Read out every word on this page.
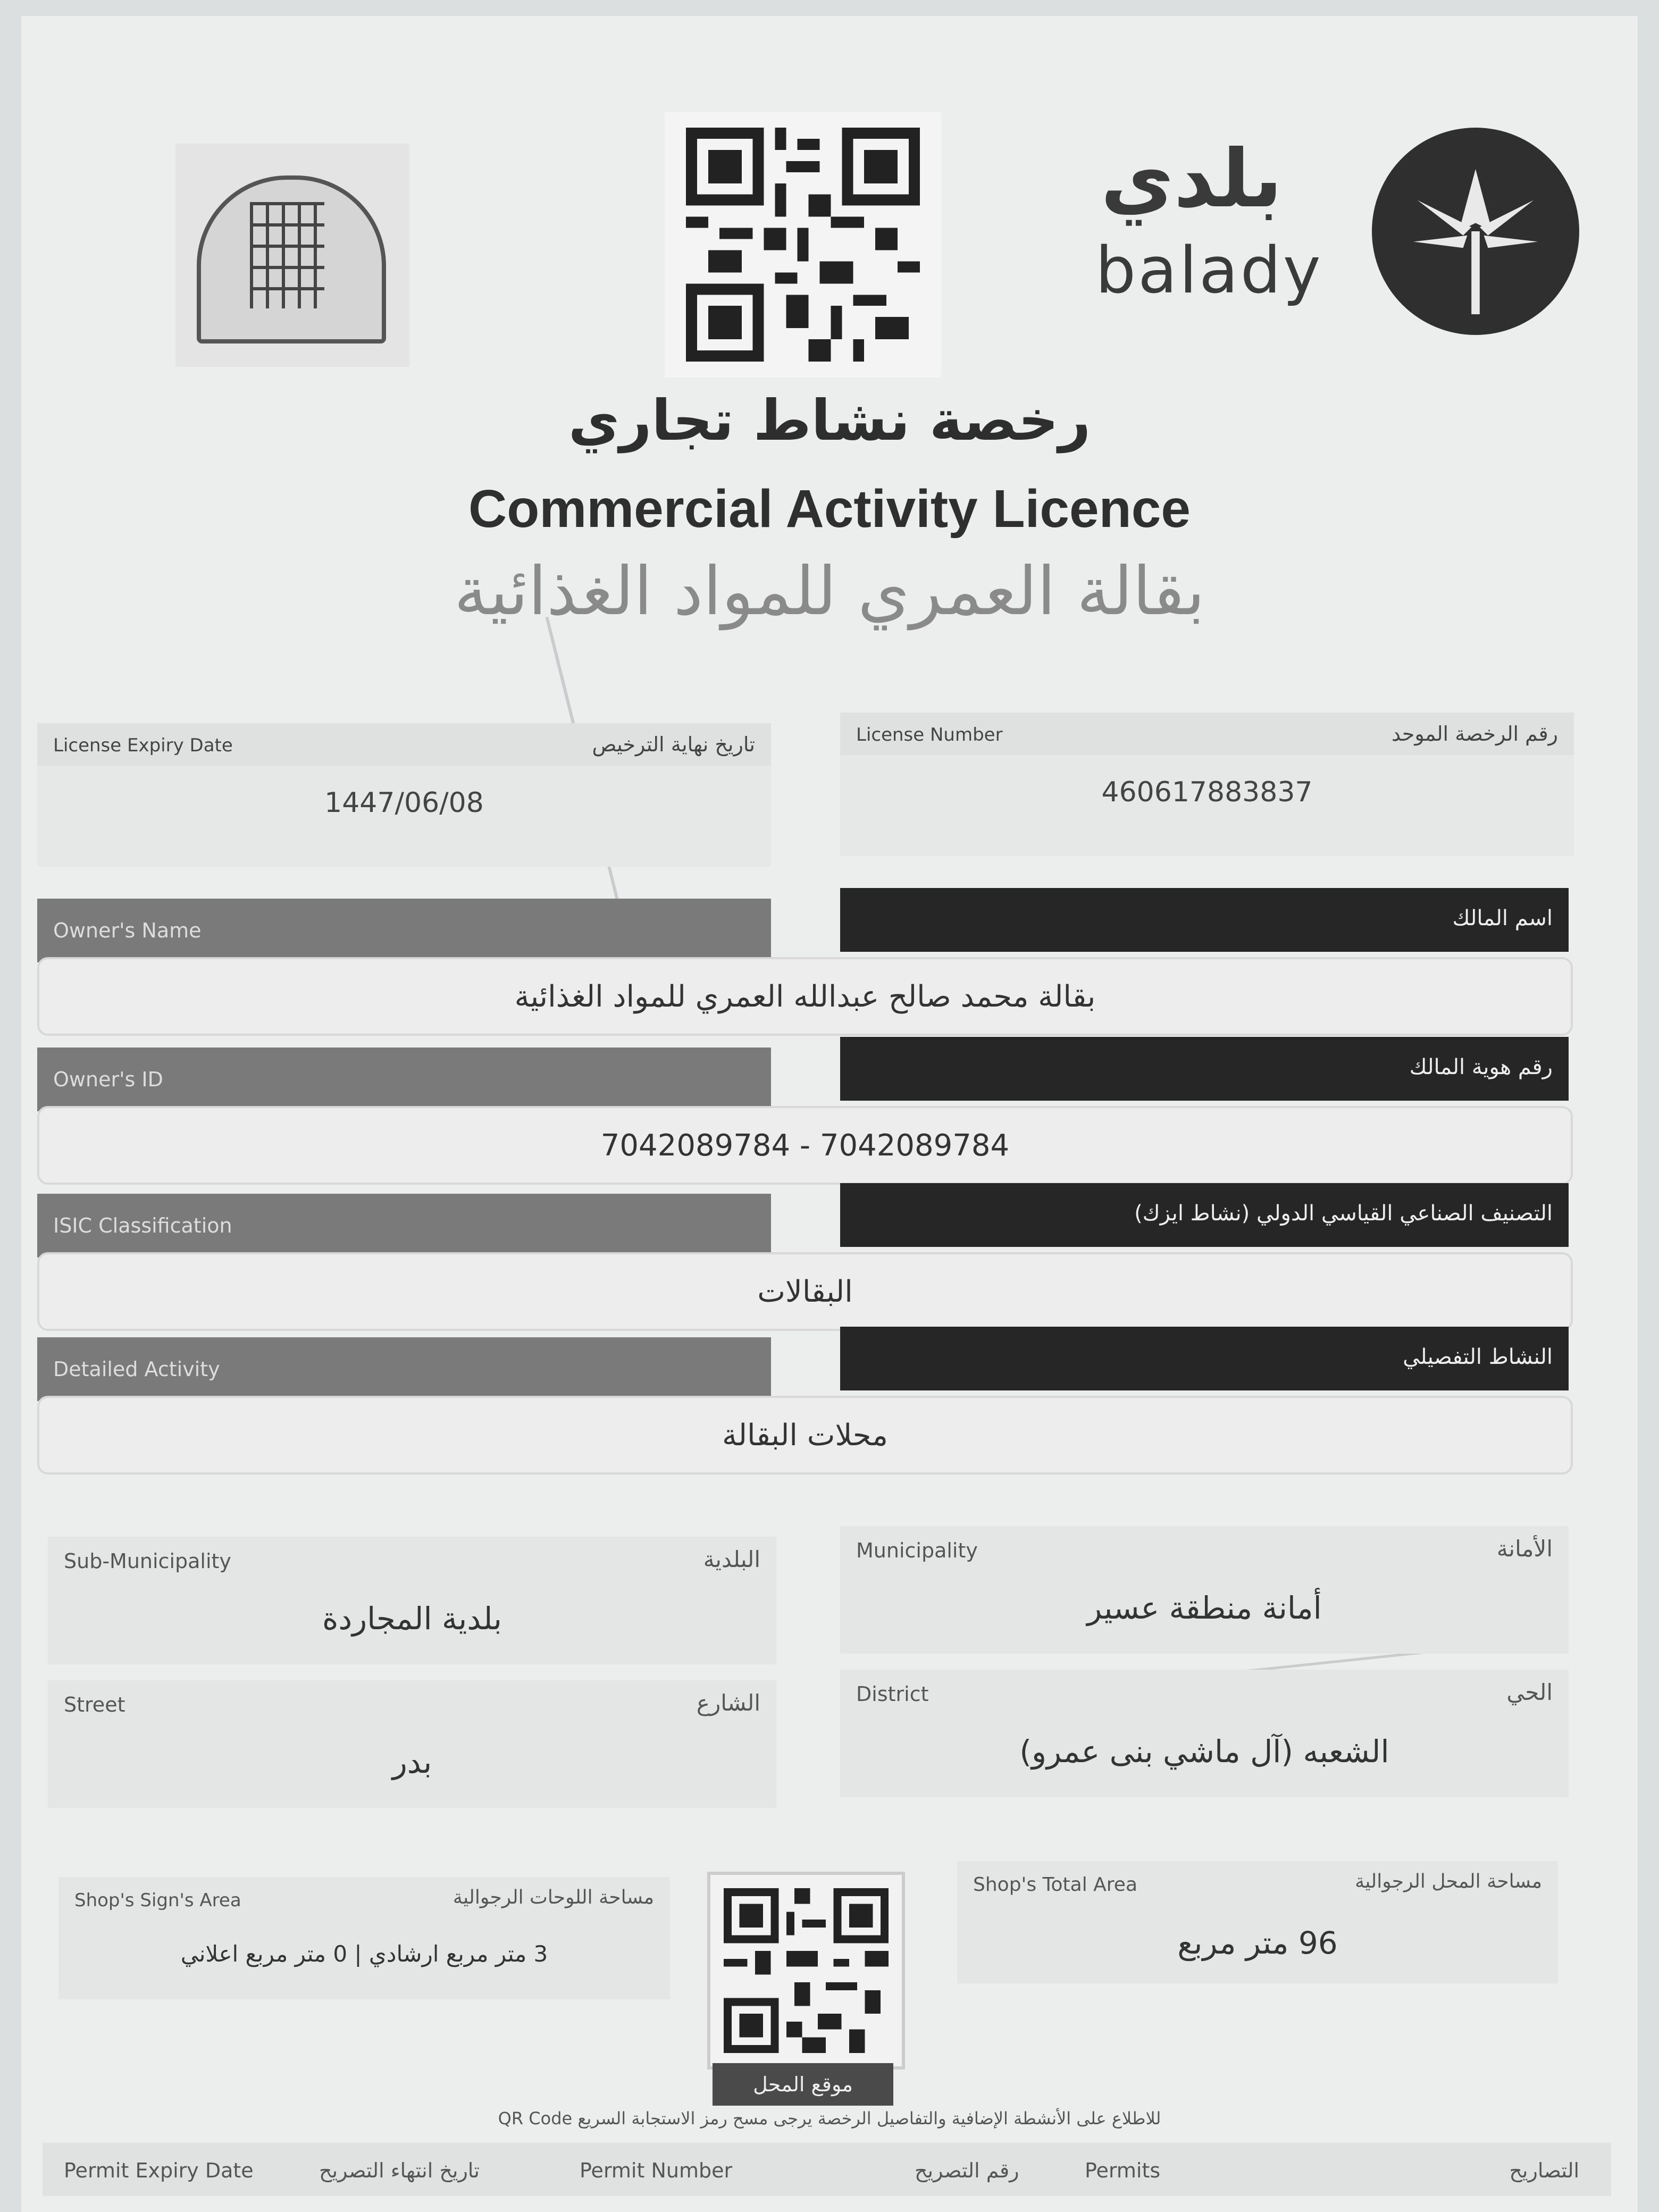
بلدي
balady
رخصة نشاط تجاري
Commercial Activity Licence
بقالة العمري للمواد الغذائية
License Expiry Date	تاريخ نهاية الترخيص
1447/06/08
License Number	رقم الرخصة الموحد
460617883837
Owner's Name	اسم المالك
بقالة محمد صالح عبدالله العمري للمواد الغذائية
Owner's ID	رقم هوية المالك
7042089784 - 7042089784
ISIC Classification	التصنيف الصناعي القياسي الدولي (نشاط ايزك)
البقالات
Detailed Activity	النشاط التفصيلي
محلات البقالة
Sub-Municipality	البلدية
بلدية المجاردة
Municipality	الأمانة
أمانة منطقة عسير
Street	الشارع
بدر
District	الحي
الشعبه (آل ماشي بنى عمرو)
Shop's Sign's Area	مساحة اللوحات الرجوالية
3 متر مربع ارشادي | 0 متر مربع اعلاني
Shop's Total Area	مساحة المحل الرجوالية
96 متر مربع
موقع المحل
للاطلاع على الأنشطة الإضافية والتفاصيل الرخصة يرجى مسح رمز الاستجابة السريع QR Code
Permit Expiry Date	تاريخ انتهاء التصريح	Permit Number	رقم التصريح	Permits	التصاريح
